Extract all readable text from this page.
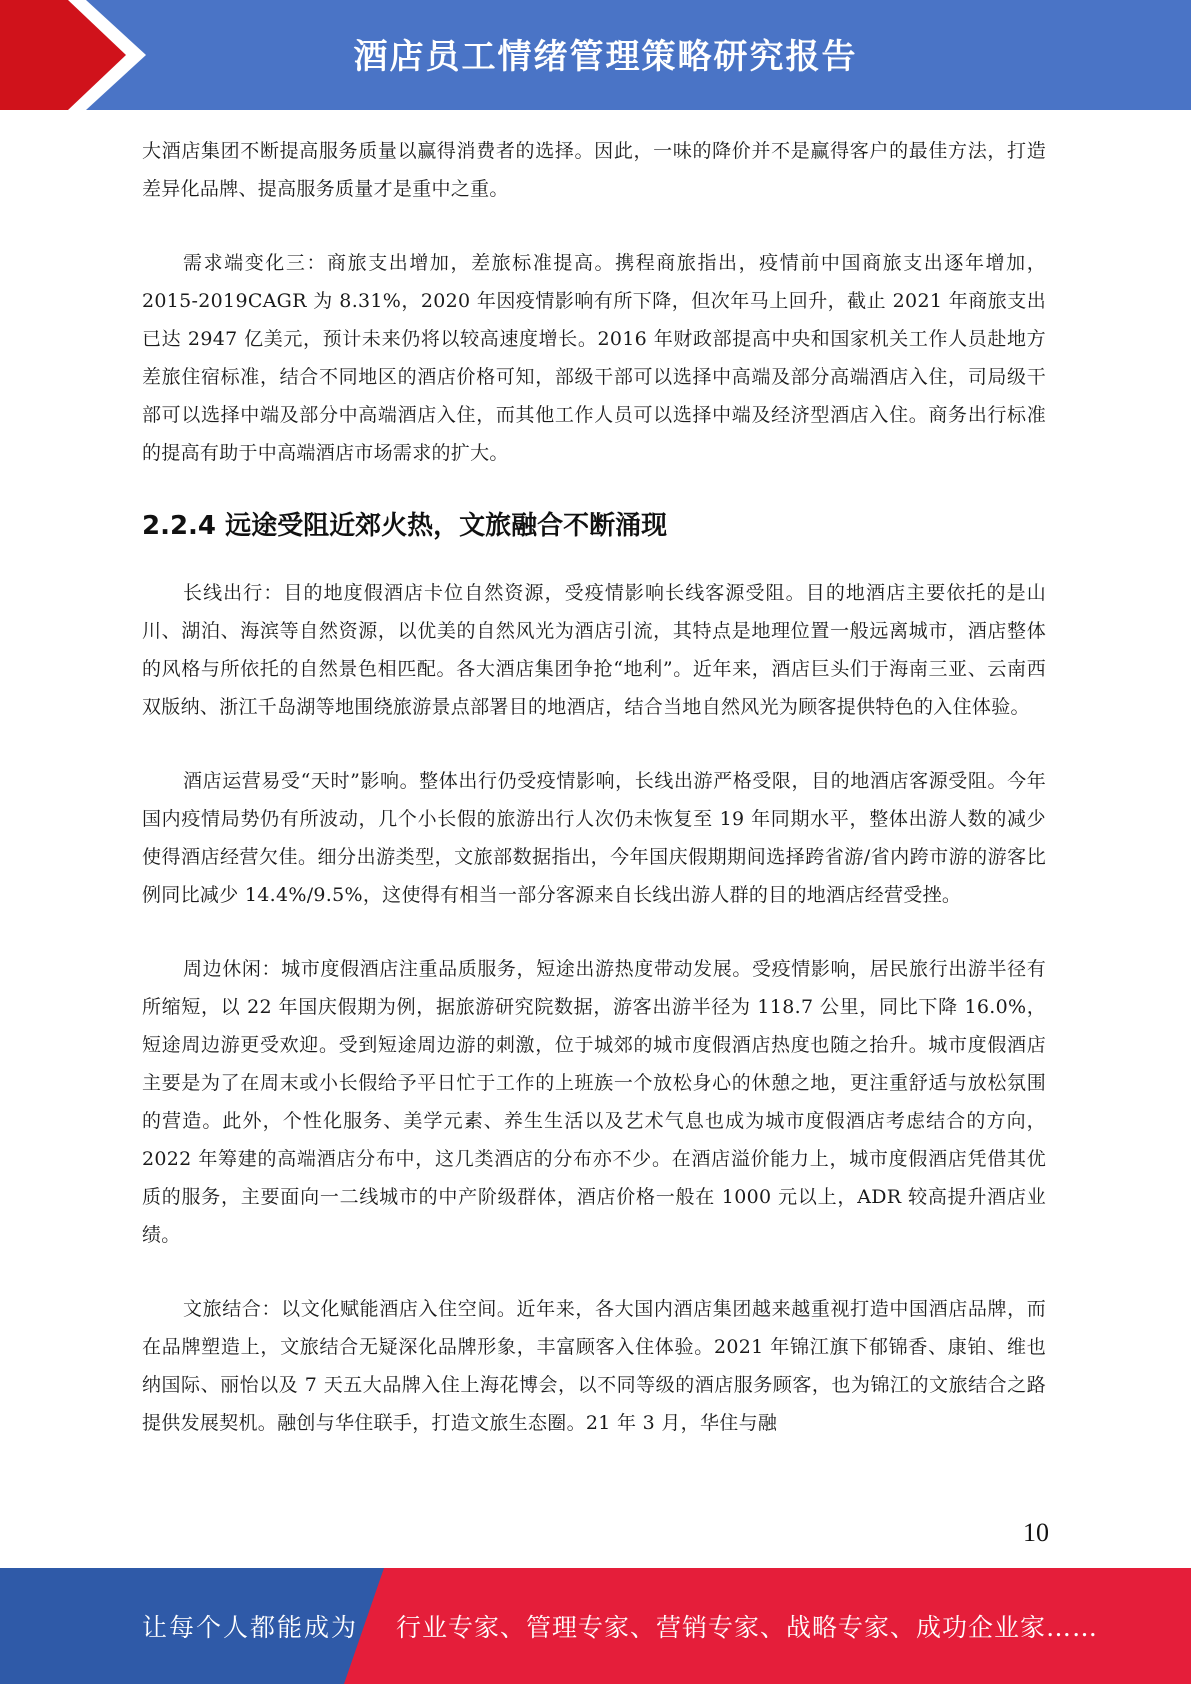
酒店员工情绪管理策略研究报告

大酒店集团不断提高服务质量以赢得消费者的选择。因此，一味的降价并不是赢得客户的最佳方法，打造差异化品牌、提高服务质量才是重中之重。

需求端变化三：商旅支出增加，差旅标准提高。携程商旅指出，疫情前中国商旅支出逐年增加，2015-2019CAGR 为 8.31%，2020 年因疫情影响有所下降，但次年马上回升，截止 2021 年商旅支出已达 2947 亿美元，预计未来仍将以较高速度增长。2016 年财政部提高中央和国家机关工作人员赴地方差旅住宿标准，结合不同地区的酒店价格可知，部级干部可以选择中高端及部分高端酒店入住，司局级干部可以选择中端及部分中高端酒店入住，而其他工作人员可以选择中端及经济型酒店入住。商务出行标准的提高有助于中高端酒店市场需求的扩大。

2.2.4 远途受阻近郊火热，文旅融合不断涌现

长线出行：目的地度假酒店卡位自然资源，受疫情影响长线客源受阻。目的地酒店主要依托的是山川、湖泊、海滨等自然资源，以优美的自然风光为酒店引流，其特点是地理位置一般远离城市，酒店整体的风格与所依托的自然景色相匹配。各大酒店集团争抢“地利”。近年来，酒店巨头们于海南三亚、云南西双版纳、浙江千岛湖等地围绕旅游景点部署目的地酒店，结合当地自然风光为顾客提供特色的入住体验。

酒店运营易受“天时”影响。整体出行仍受疫情影响，长线出游严格受限，目的地酒店客源受阻。今年国内疫情局势仍有所波动，几个小长假的旅游出行人次仍未恢复至 19 年同期水平，整体出游人数的减少使得酒店经营欠佳。细分出游类型，文旅部数据指出，今年国庆假期期间选择跨省游/省内跨市游的游客比例同比减少 14.4%/9.5%，这使得有相当一部分客源来自长线出游人群的目的地酒店经营受挫。

周边休闲：城市度假酒店注重品质服务，短途出游热度带动发展。受疫情影响，居民旅行出游半径有所缩短，以 22 年国庆假期为例，据旅游研究院数据，游客出游半径为 118.7 公里，同比下降 16.0%，短途周边游更受欢迎。受到短途周边游的刺激，位于城郊的城市度假酒店热度也随之抬升。城市度假酒店主要是为了在周末或小长假给予平日忙于工作的上班族一个放松身心的休憩之地，更注重舒适与放松氛围的营造。此外，个性化服务、美学元素、养生生活以及艺术气息也成为城市度假酒店考虑结合的方向，2022 年筹建的高端酒店分布中，这几类酒店的分布亦不少。在酒店溢价能力上，城市度假酒店凭借其优质的服务，主要面向一二线城市的中产阶级群体，酒店价格一般在 1000 元以上，ADR 较高提升酒店业绩。

文旅结合：以文化赋能酒店入住空间。近年来，各大国内酒店集团越来越重视打造中国酒店品牌，而在品牌塑造上，文旅结合无疑深化品牌形象，丰富顾客入住体验。2021 年锦江旗下郁锦香、康铂、维也纳国际、丽怡以及 7 天五大品牌入住上海花博会，以不同等级的酒店服务顾客，也为锦江的文旅结合之路提供发展契机。融创与华住联手，打造文旅生态圈。21 年 3 月，华住与融

10
让每个人都能成为 行业专家、管理专家、营销专家、战略专家、成功企业家……
